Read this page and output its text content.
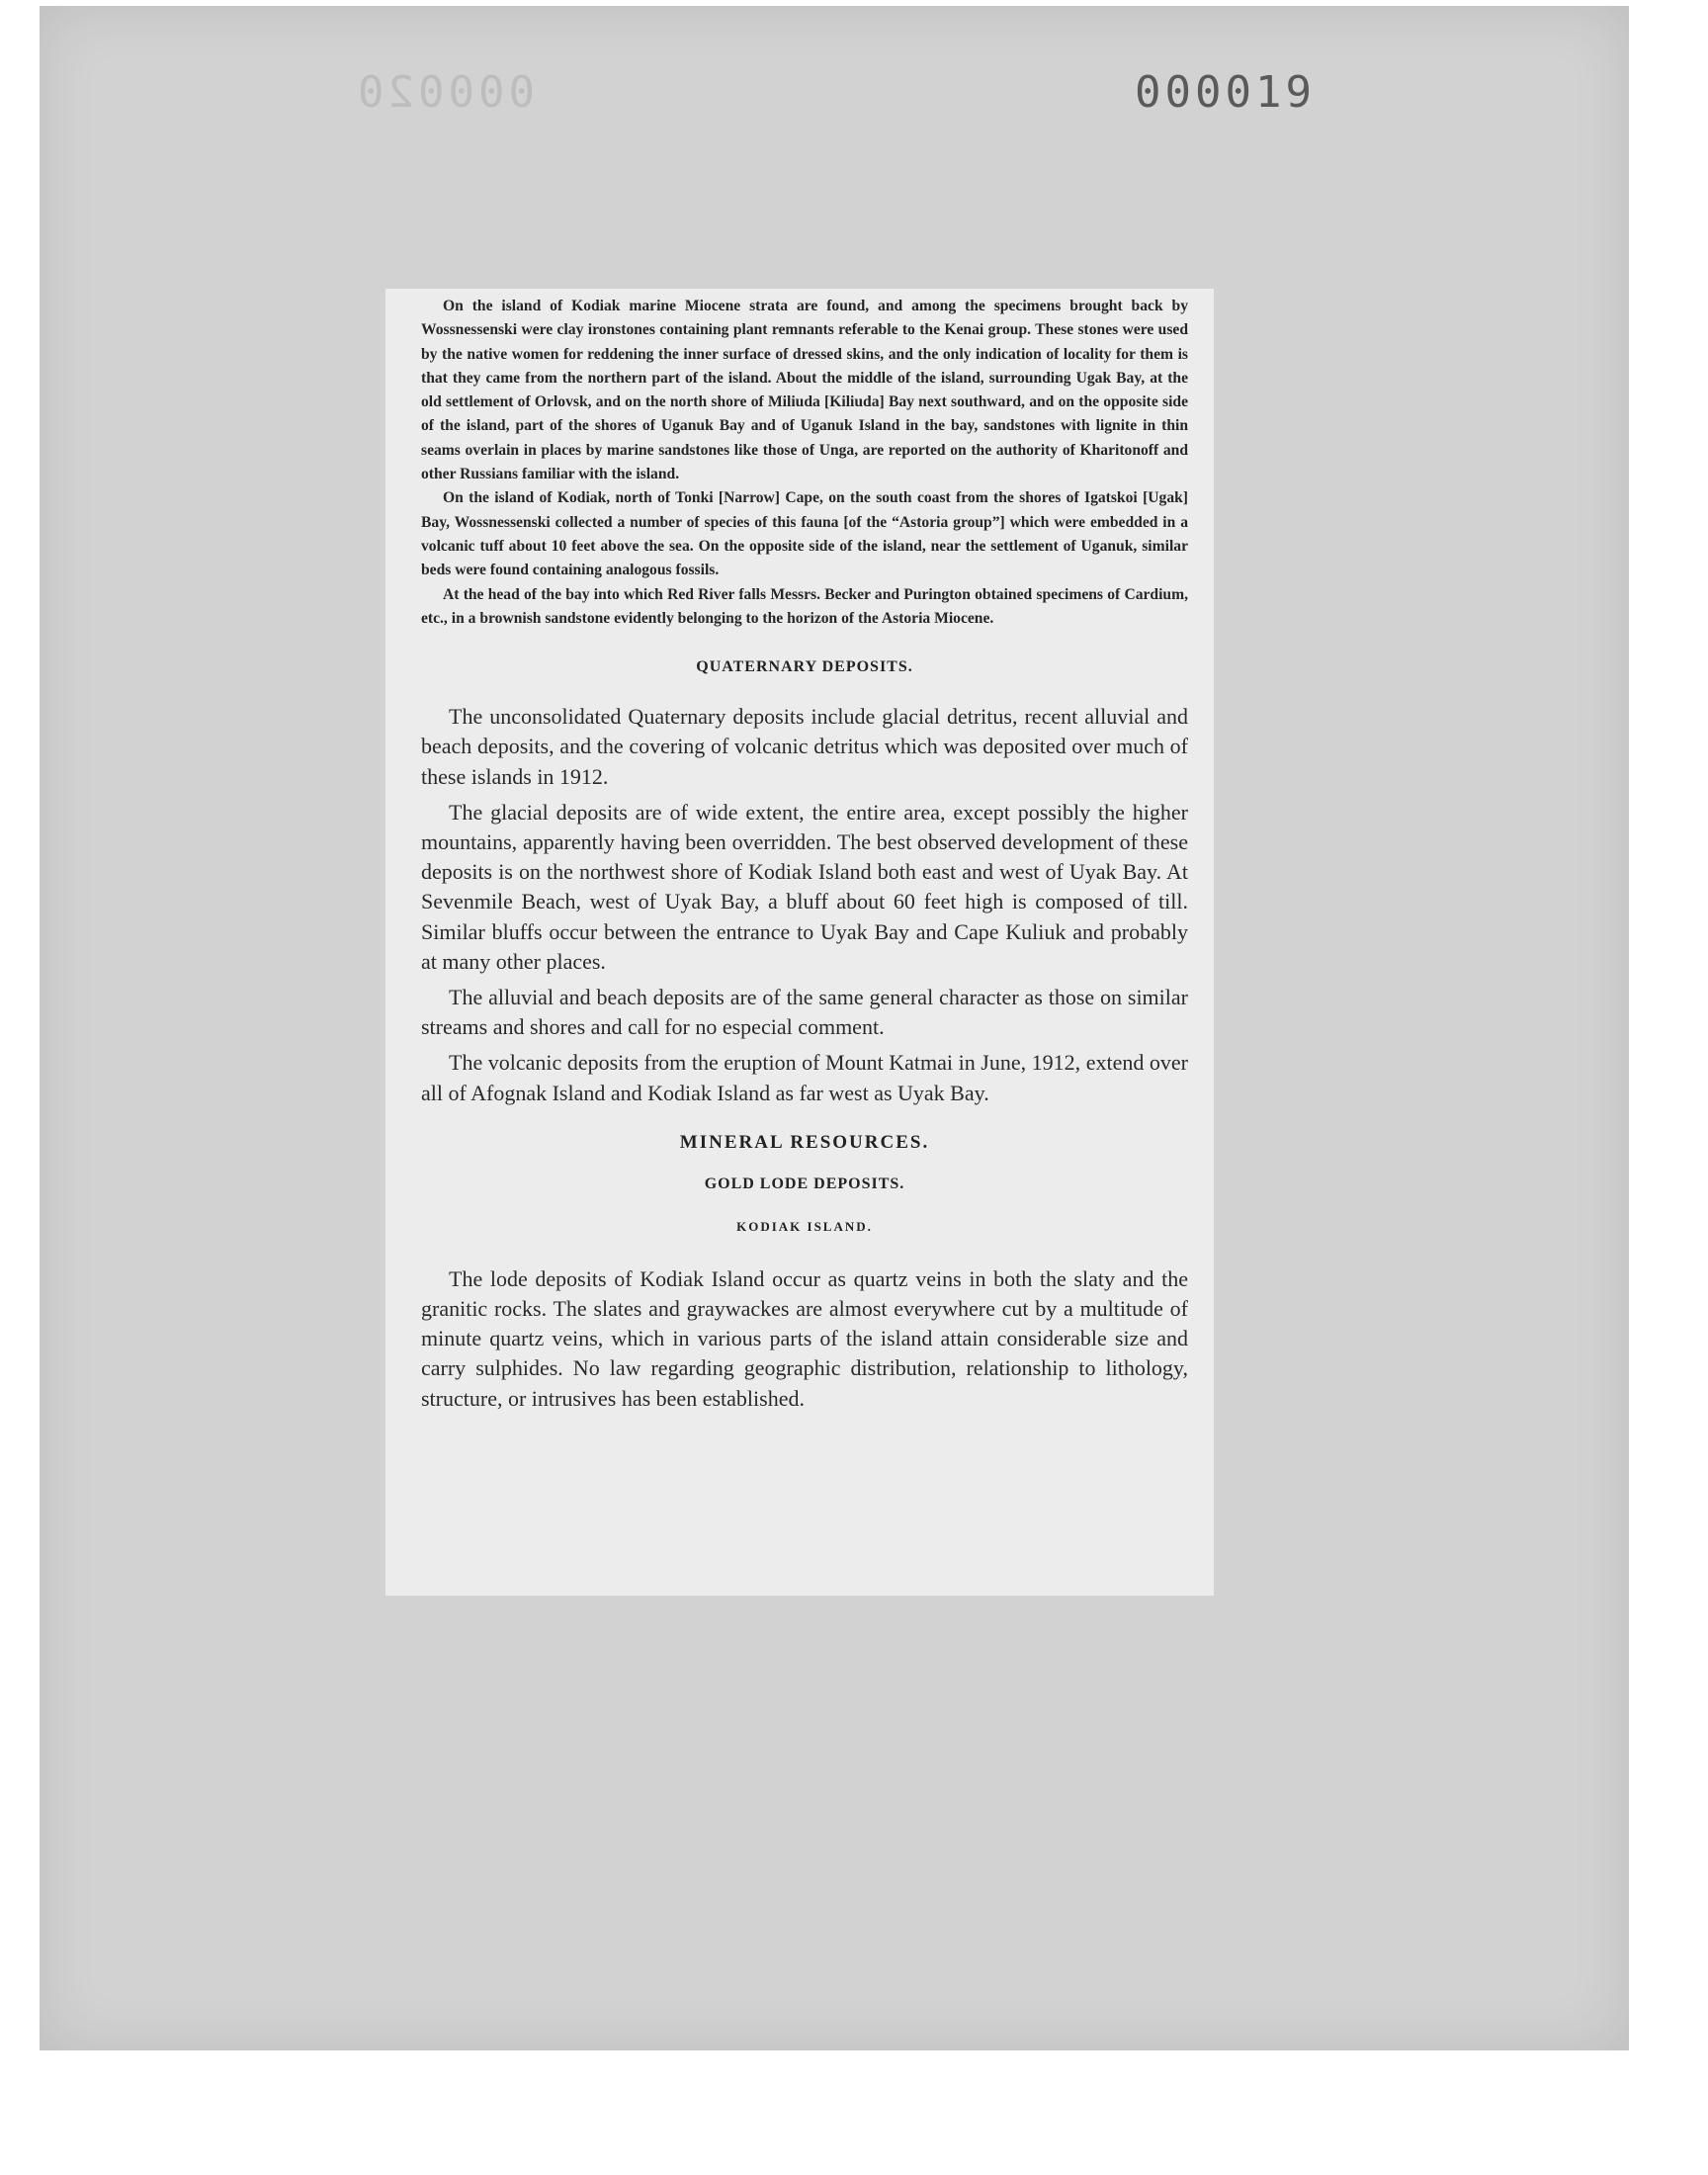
000020	000019

On the island of Kodiak marine Miocene strata are found, and among the specimens brought back by Wossnessenski were clay ironstones containing plant remnants referable to the Kenai group. These stones were used by the native women for reddening the inner surface of dressed skins, and the only indication of locality for them is that they came from the northern part of the island. About the middle of the island, surrounding Ugak Bay, at the old settlement of Orlovsk, and on the north shore of Miliuda [Kiliuda] Bay next southward, and on the opposite side of the island, part of the shores of Uganuk Bay and of Uganuk Island in the bay, sandstones with lignite in thin seams overlain in places by marine sandstones like those of Unga, are reported on the authority of Kharitonoff and other Russians familiar with the island.

On the island of Kodiak, north of Tonki [Narrow] Cape, on the south coast from the shores of Igatskoi [Ugak] Bay, Wossnessenski collected a number of species of this fauna [of the “Astoria group”] which were embedded in a volcanic tuff about 10 feet above the sea. On the opposite side of the island, near the settlement of Uganuk, similar beds were found containing analogous fossils.

At the head of the bay into which Red River falls Messrs. Becker and Purington obtained specimens of Cardium, etc., in a brownish sandstone evidently belonging to the horizon of the Astoria Miocene.

QUATERNARY DEPOSITS.

The unconsolidated Quaternary deposits include glacial detritus, recent alluvial and beach deposits, and the covering of volcanic detritus which was deposited over much of these islands in 1912.

The glacial deposits are of wide extent, the entire area, except possibly the higher mountains, apparently having been overridden. The best observed development of these deposits is on the northwest shore of Kodiak Island both east and west of Uyak Bay. At Sevenmile Beach, west of Uyak Bay, a bluff about 60 feet high is composed of till. Similar bluffs occur between the entrance to Uyak Bay and Cape Kuliuk and probably at many other places.

The alluvial and beach deposits are of the same general character as those on similar streams and shores and call for no especial comment.

The volcanic deposits from the eruption of Mount Katmai in June, 1912, extend over all of Afognak Island and Kodiak Island as far west as Uyak Bay.

MINERAL RESOURCES.
GOLD LODE DEPOSITS.
KODIAK ISLAND.

The lode deposits of Kodiak Island occur as quartz veins in both the slaty and the granitic rocks. The slates and graywackes are almost everywhere cut by a multitude of minute quartz veins, which in various parts of the island attain considerable size and carry sulphides. No law regarding geographic distribution, relationship to lithology, structure, or intrusives has been established.
